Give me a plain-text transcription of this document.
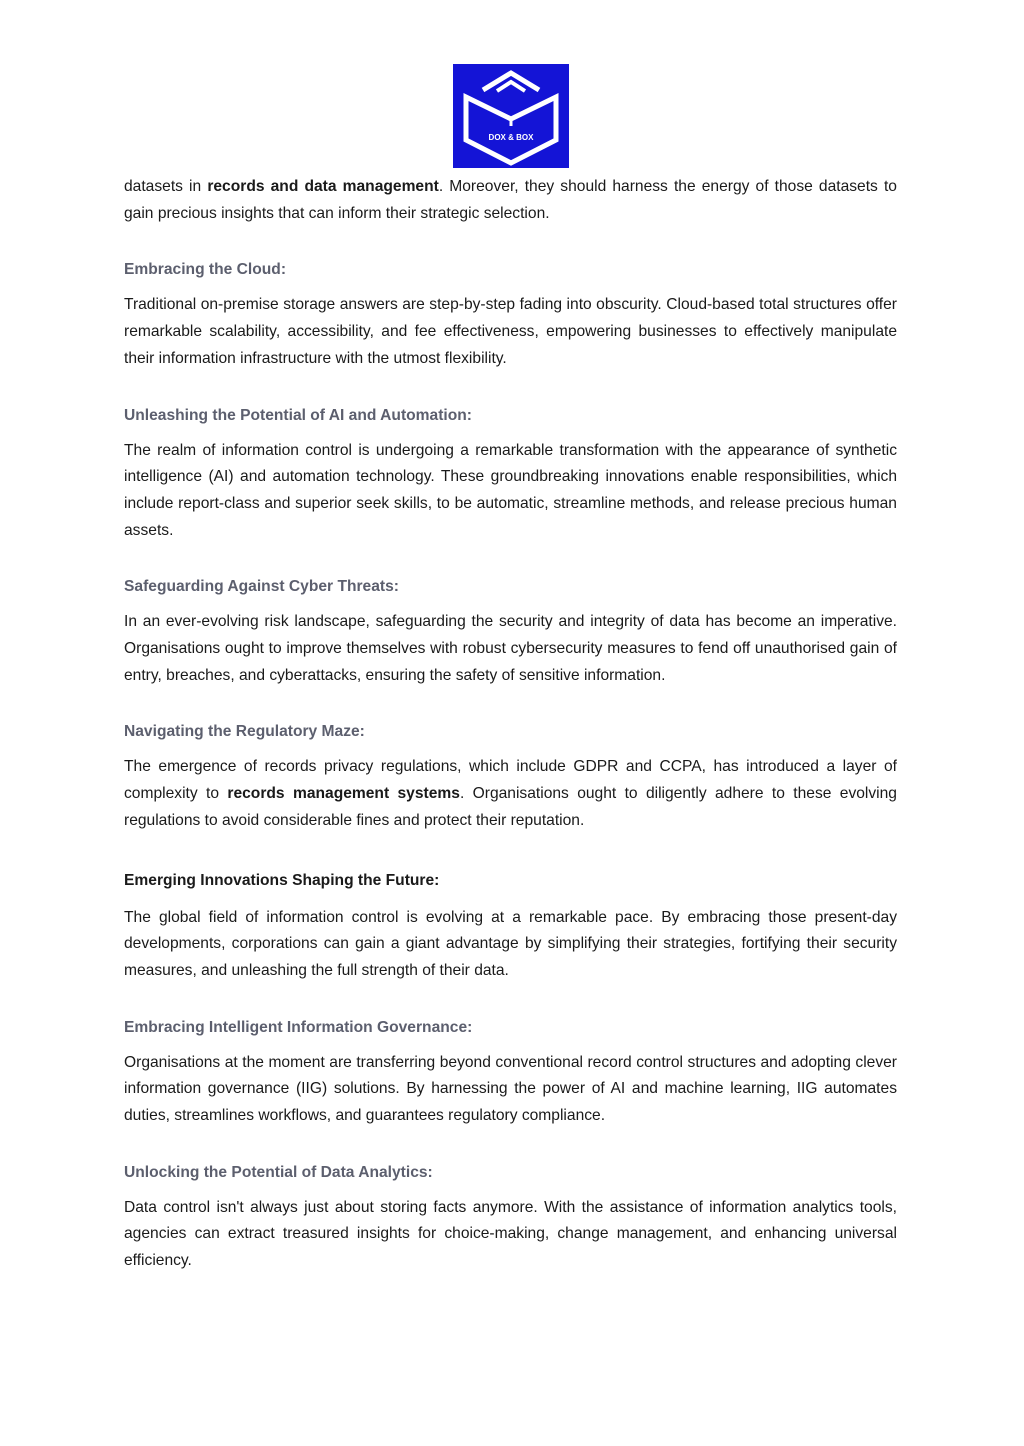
DOX & BOX

datasets in records and data management. Moreover, they should harness the energy of those datasets to gain precious insights that can inform their strategic selection.

Embracing the Cloud:

Traditional on-premise storage answers are step-by-step fading into obscurity. Cloud-based total structures offer remarkable scalability, accessibility, and fee effectiveness, empowering businesses to effectively manipulate their information infrastructure with the utmost flexibility.

Unleashing the Potential of AI and Automation:

The realm of information control is undergoing a remarkable transformation with the appearance of synthetic intelligence (AI) and automation technology. These groundbreaking innovations enable responsibilities, which include report-class and superior seek skills, to be automatic, streamline methods, and release precious human assets.

Safeguarding Against Cyber Threats:

In an ever-evolving risk landscape, safeguarding the security and integrity of data has become an imperative. Organisations ought to improve themselves with robust cybersecurity measures to fend off unauthorised gain of entry, breaches, and cyberattacks, ensuring the safety of sensitive information.

Navigating the Regulatory Maze:

The emergence of records privacy regulations, which include GDPR and CCPA, has introduced a layer of complexity to records management systems. Organisations ought to diligently adhere to these evolving regulations to avoid considerable fines and protect their reputation.

Emerging Innovations Shaping the Future:

The global field of information control is evolving at a remarkable pace. By embracing those present-day developments, corporations can gain a giant advantage by simplifying their strategies, fortifying their security measures, and unleashing the full strength of their data.

Embracing Intelligent Information Governance:

Organisations at the moment are transferring beyond conventional record control structures and adopting clever information governance (IIG) solutions. By harnessing the power of AI and machine learning, IIG automates duties, streamlines workflows, and guarantees regulatory compliance.

Unlocking the Potential of Data Analytics:

Data control isn't always just about storing facts anymore. With the assistance of information analytics tools, agencies can extract treasured insights for choice-making, change management, and enhancing universal efficiency.
